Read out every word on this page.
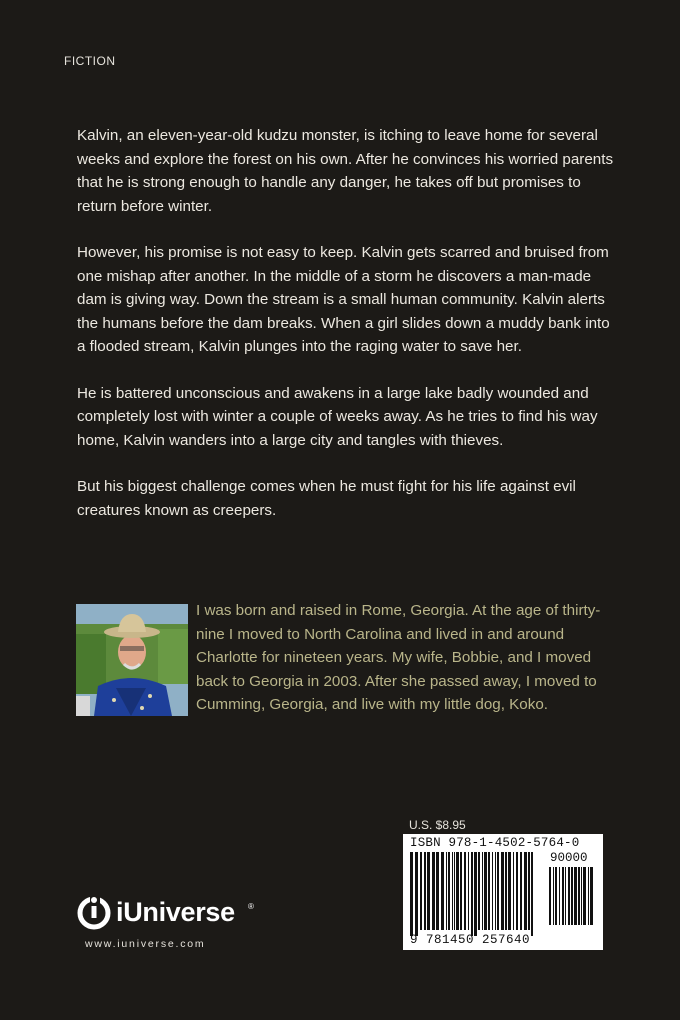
FICTION

Kalvin, an eleven-year-old kudzu monster, is itching to leave home for several weeks and explore the forest on his own. After he convinces his worried parents that he is strong enough to handle any danger, he takes off but promises to return before winter.

However, his promise is not easy to keep. Kalvin gets scarred and bruised from one mishap after another. In the middle of a storm he discovers a man-made dam is giving way. Down the stream is a small human community. Kalvin alerts the humans before the dam breaks. When a girl slides down a muddy bank into a flooded stream, Kalvin plunges into the raging water to save her.

He is battered unconscious and awakens in a large lake badly wounded and completely lost with winter a couple of weeks away. As he tries to find his way home, Kalvin wanders into a large city and tangles with thieves.

But his biggest challenge comes when he must fight for his life against evil creatures known as creepers.

I was born and raised in Rome, Georgia. At the age of thirty-nine I moved to North Carolina and lived in and around Charlotte for nineteen years. My wife, Bobbie, and I moved back to Georgia in 2003. After she passed away, I moved to Cumming, Georgia, and live with my little dog, Koko.
U.S. $8.95
ISBN 978-1-4502-5764-0
90000
9 781450 257640
iUniverse ®
www.iuniverse.com
